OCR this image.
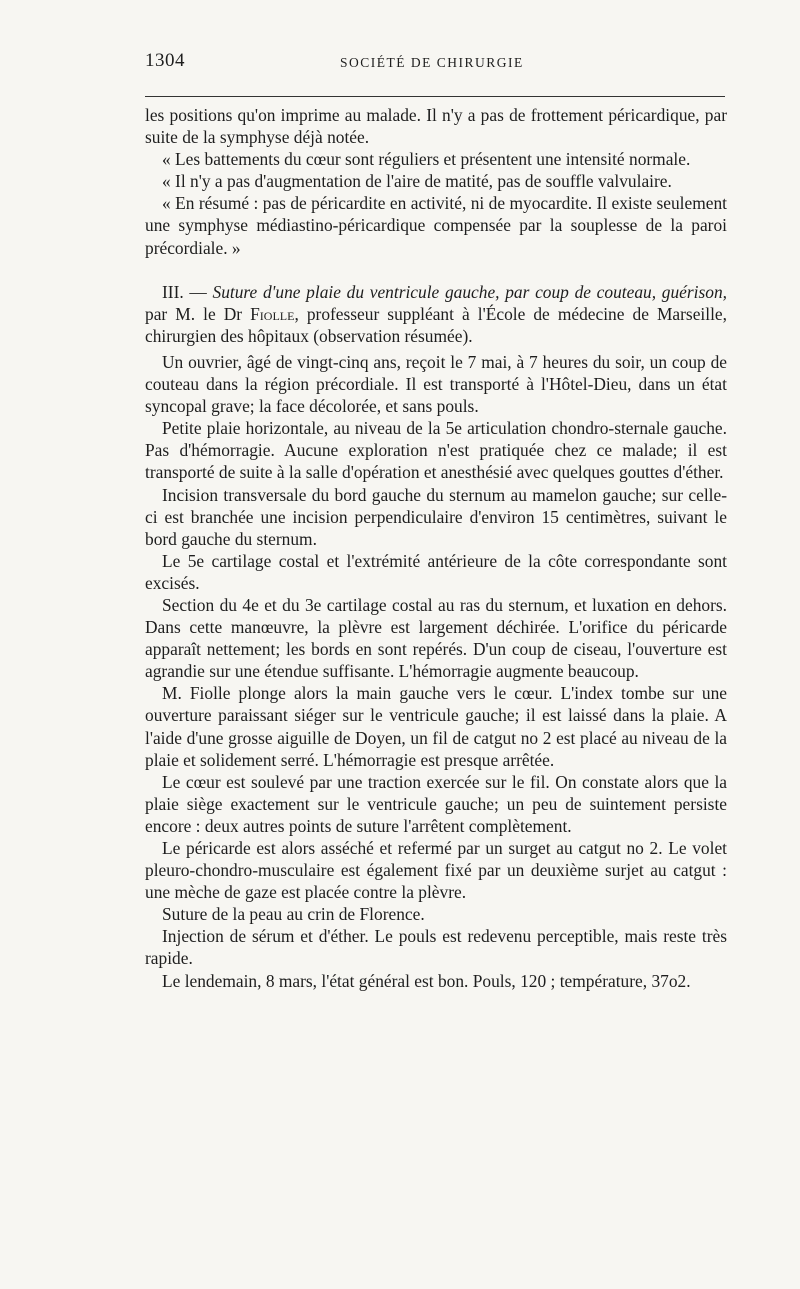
1304	SOCIÉTÉ DE CHIRURGIE

les positions qu'on imprime au malade. Il n'y a pas de frottement péricardique, par suite de la symphyse déjà notée.

« Les battements du cœur sont réguliers et présentent une intensité normale.

« Il n'y a pas d'augmentation de l'aire de matité, pas de souffle valvulaire.

« En résumé : pas de péricardite en activité, ni de myocardite. Il existe seulement une symphyse médiastino-péricardique compensée par la souplesse de la paroi précordiale. »

III. — Suture d'une plaie du ventricule gauche, par coup de couteau, guérison, par M. le Dr Fiolle, professeur suppléant à l'École de médecine de Marseille, chirurgien des hôpitaux (observation résumée).

Un ouvrier, âgé de vingt-cinq ans, reçoit le 7 mai, à 7 heures du soir, un coup de couteau dans la région précordiale. Il est transporté à l'Hôtel-Dieu, dans un état syncopal grave; la face décolorée, et sans pouls.

Petite plaie horizontale, au niveau de la 5e articulation chondro-sternale gauche. Pas d'hémorragie. Aucune exploration n'est pratiquée chez ce malade; il est transporté de suite à la salle d'opération et anesthésié avec quelques gouttes d'éther.

Incision transversale du bord gauche du sternum au mamelon gauche; sur celle-ci est branchée une incision perpendiculaire d'environ 15 centimètres, suivant le bord gauche du sternum.

Le 5e cartilage costal et l'extrémité antérieure de la côte correspondante sont excisés.

Section du 4e et du 3e cartilage costal au ras du sternum, et luxation en dehors. Dans cette manœuvre, la plèvre est largement déchirée. L'orifice du péricarde apparaît nettement; les bords en sont repérés. D'un coup de ciseau, l'ouverture est agrandie sur une étendue suffisante. L'hémorragie augmente beaucoup.

M. Fiolle plonge alors la main gauche vers le cœur. L'index tombe sur une ouverture paraissant siéger sur le ventricule gauche; il est laissé dans la plaie. A l'aide d'une grosse aiguille de Doyen, un fil de catgut no 2 est placé au niveau de la plaie et solidement serré. L'hémorragie est presque arrêtée.

Le cœur est soulevé par une traction exercée sur le fil. On constate alors que la plaie siège exactement sur le ventricule gauche; un peu de suintement persiste encore : deux autres points de suture l'arrêtent complètement.

Le péricarde est alors asséché et refermé par un surget au catgut no 2. Le volet pleuro-chondro-musculaire est également fixé par un deuxième surjet au catgut : une mèche de gaze est placée contre la plèvre.

Suture de la peau au crin de Florence.

Injection de sérum et d'éther. Le pouls est redevenu perceptible, mais reste très rapide.

Le lendemain, 8 mars, l'état général est bon. Pouls, 120 ; température, 37o2.
